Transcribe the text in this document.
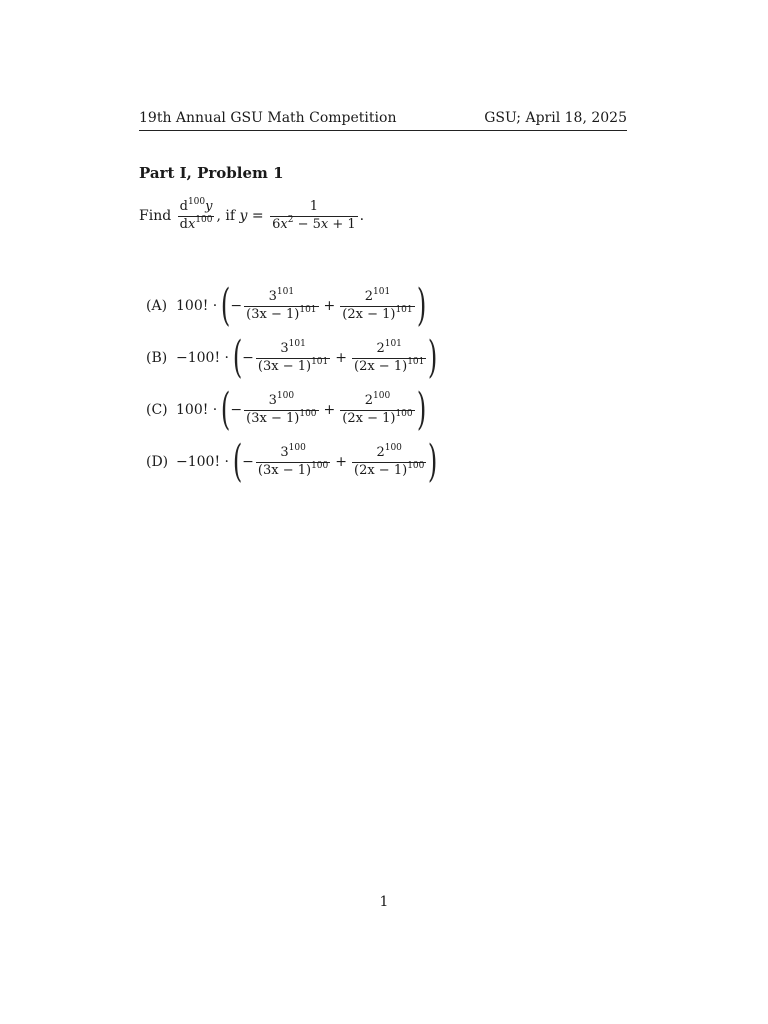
19th Annual GSU Math Competition	GSU; April 18, 2025
Part I, Problem 1
Find
$\frac{d^{100}y}{dx^{100}}$ , if
y
=
$\frac{1}{6x^2 - 5x + 1}$ .
(A) 100! · ( − $\frac{3^{101}}{(3x - 1)^{101}} + \frac{2^{101}}{(2x - 1)^{101}}$ )
(B) −100! · ( − $\frac{3^{101}}{(3x - 1)^{101}} + \frac{2^{101}}{(2x - 1)^{101}}$ )
(C) 100! · ( − $\frac{3^{100}}{(3x - 1)^{100}} + \frac{2^{100}}{(2x - 1)^{100}}$ )
(D) −100! · ( − $\frac{3^{100}}{(3x - 1)^{100}} + \frac{2^{100}}{(2x - 1)^{100}}$ )
1
